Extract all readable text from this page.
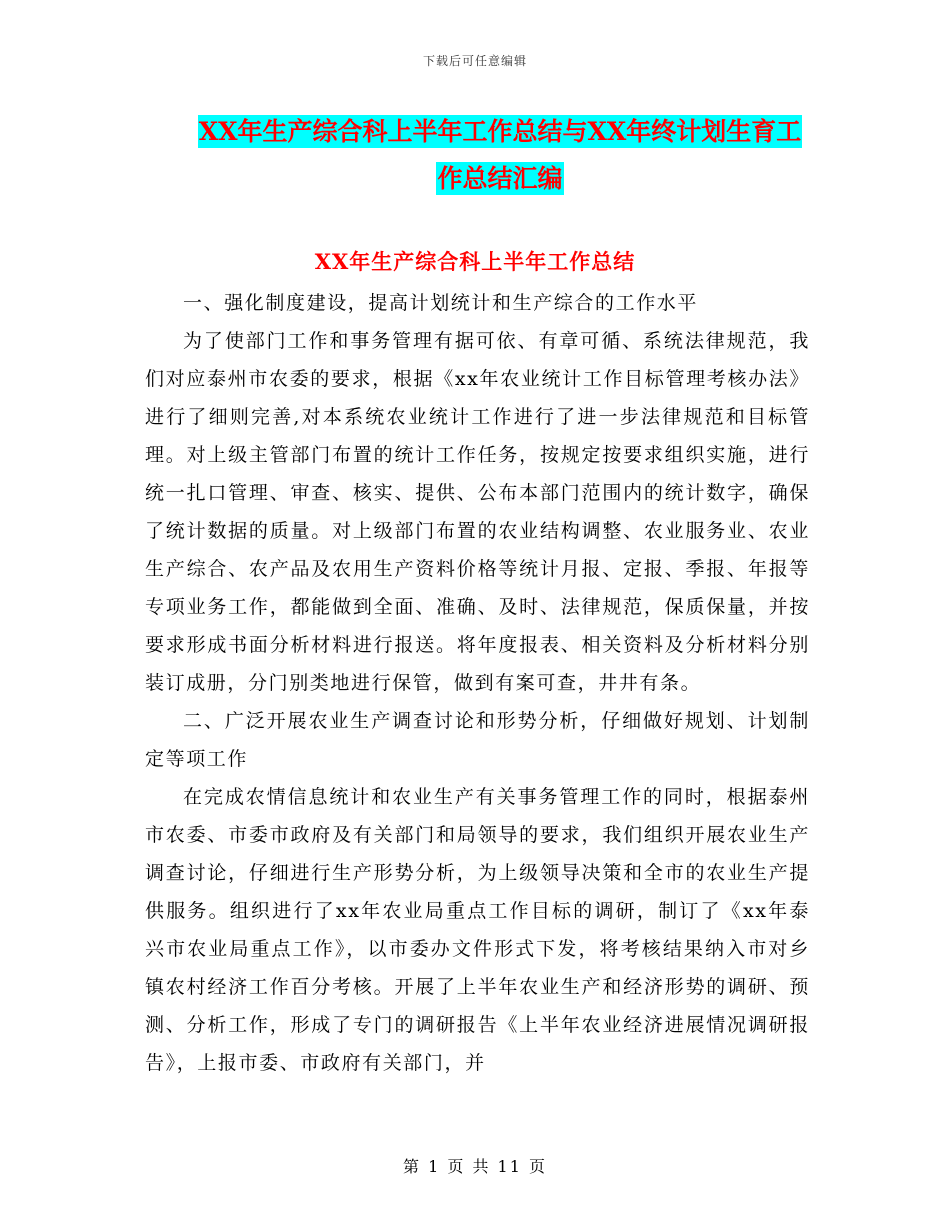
下载后可任意编辑
XX年生产综合科上半年工作总结与XX年终计划生育工
作总结汇编
XX年生产综合科上半年工作总结

一、强化制度建设，提高计划统计和生产综合的工作水平

为了使部门工作和事务管理有据可依、有章可循、系统法律规范，我们对应泰州市农委的要求，根据《xx年农业统计工作目标管理考核办法》进行了细则完善,对本系统农业统计工作进行了进一步法律规范和目标管理。对上级主管部门布置的统计工作任务，按规定按要求组织实施，进行统一扎口管理、审查、核实、提供、公布本部门范围内的统计数字，确保了统计数据的质量。对上级部门布置的农业结构调整、农业服务业、农业生产综合、农产品及农用生产资料价格等统计月报、定报、季报、年报等专项业务工作，都能做到全面、准确、及时、法律规范，保质保量，并按要求形成书面分析材料进行报送。将年度报表、相关资料及分析材料分别装订成册，分门别类地进行保管，做到有案可查，井井有条。

二、广泛开展农业生产调查讨论和形势分析，仔细做好规划、计划制定等项工作

在完成农情信息统计和农业生产有关事务管理工作的同时，根据泰州市农委、市委市政府及有关部门和局领导的要求，我们组织开展农业生产调查讨论，仔细进行生产形势分析，为上级领导决策和全市的农业生产提供服务。组织进行了xx年农业局重点工作目标的调研，制订了《xx年泰兴市农业局重点工作》，以市委办文件形式下发，将考核结果纳入市对乡镇农村经济工作百分考核。开展了上半年农业生产和经济形势的调研、预测、分析工作，形成了专门的调研报告《上半年农业经济进展情况调研报告》，上报市委、市政府有关部门，并

第 1 页 共 11 页
